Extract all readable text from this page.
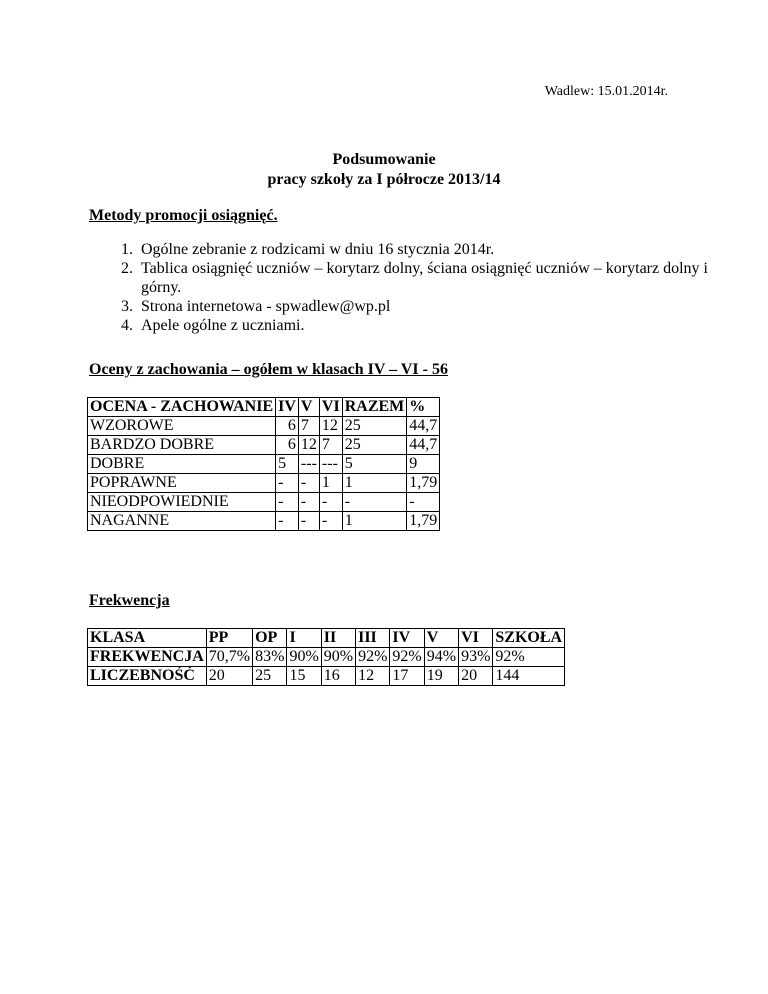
Wadlew: 15.01.2014r.
Podsumowanie
pracy szkoły za I półrocze 2013/14
Metody promocji osiągnięć.
1. Ogólne zebranie z rodzicami w dniu 16 stycznia 2014r.
2. Tablica osiągnięć uczniów – korytarz dolny, ściana osiągnięć uczniów – korytarz dolny i górny.
3. Strona internetowa - spwadlew@wp.pl
4. Apele ogólne z uczniami.
Oceny z zachowania – ogółem w klasach IV – VI - 56
OCENA - ZACHOWANIE	IV	V	VI	RAZEM	%
WZOROWE	6	7	12	25	44,7
BARDZO DOBRE	6	12	7	25	44,7
DOBRE	5	---	---	5	9
POPRAWNE	-	-	1	1	1,79
NIEODPOWIEDNIE	-	-	-	-	-
NAGANNE	-	-	-	1	1,79
Frekwencja
KLASA	PP	OP	I	II	III	IV	V	VI	SZKOŁA
FREKWENCJA	70,7%	83%	90%	90%	92%	92%	94%	93%	92%
LICZEBNOŚĆ	20	25	15	16	12	17	19	20	144
